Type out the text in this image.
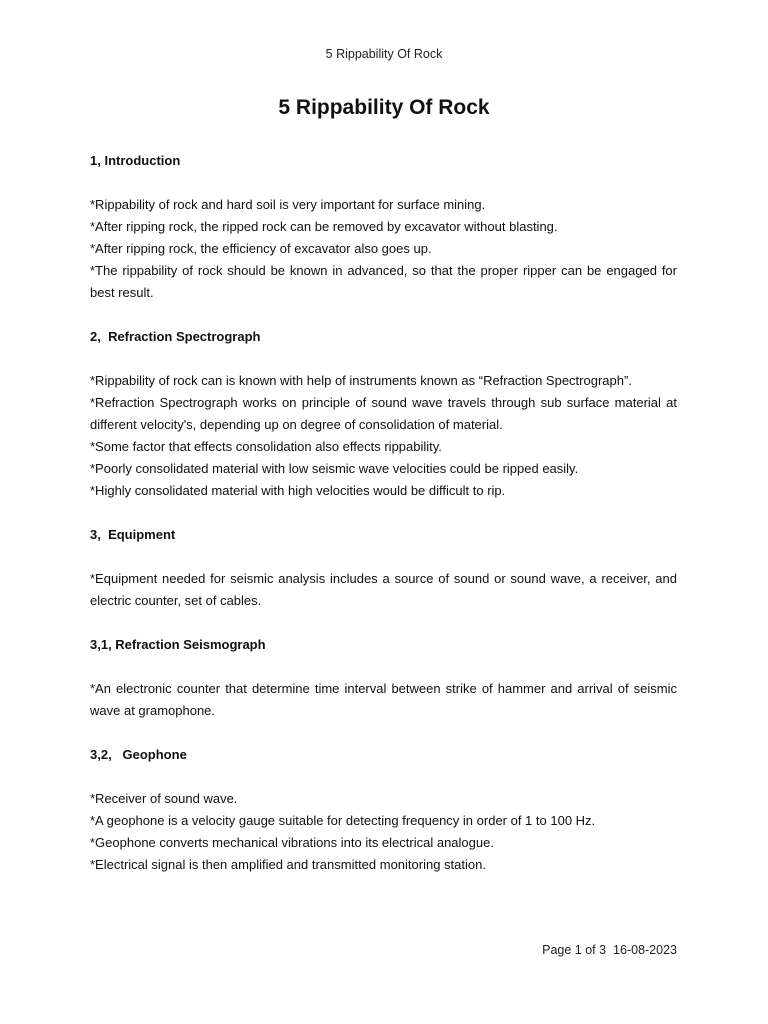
5 Rippability Of Rock
5 Rippability Of Rock

1, Introduction

*Rippability of rock and hard soil is very important for surface mining.

*After ripping rock, the ripped rock can be removed by excavator without blasting.

*After ripping rock, the efficiency of excavator also goes up.

*The rippability of rock should be known in advanced, so that the proper ripper can be engaged for best result.

2,  Refraction Spectrograph

*Rippability of rock can is known with help of instruments known as “Refraction Spectrograph”.

*Refraction Spectrograph works on principle of sound wave travels through sub surface material at different velocity's, depending up on degree of consolidation of material.

*Some factor that effects consolidation also effects rippability.

*Poorly consolidated material with low seismic wave velocities could be ripped easily.

*Highly consolidated material with high velocities would be difficult to rip.

3,  Equipment

*Equipment needed for seismic analysis includes a source of sound or sound wave, a receiver, and electric counter, set of cables.

3,1, Refraction Seismograph

*An electronic counter that determine time interval between strike of hammer and arrival of seismic wave at gramophone.

3,2,   Geophone

*Receiver of sound wave.

*A geophone is a velocity gauge suitable for detecting frequency in order of 1 to 100 Hz.

*Geophone converts mechanical vibrations into its electrical analogue.

*Electrical signal is then amplified and transmitted monitoring station.

Page 1 of 3 16-08-2023
